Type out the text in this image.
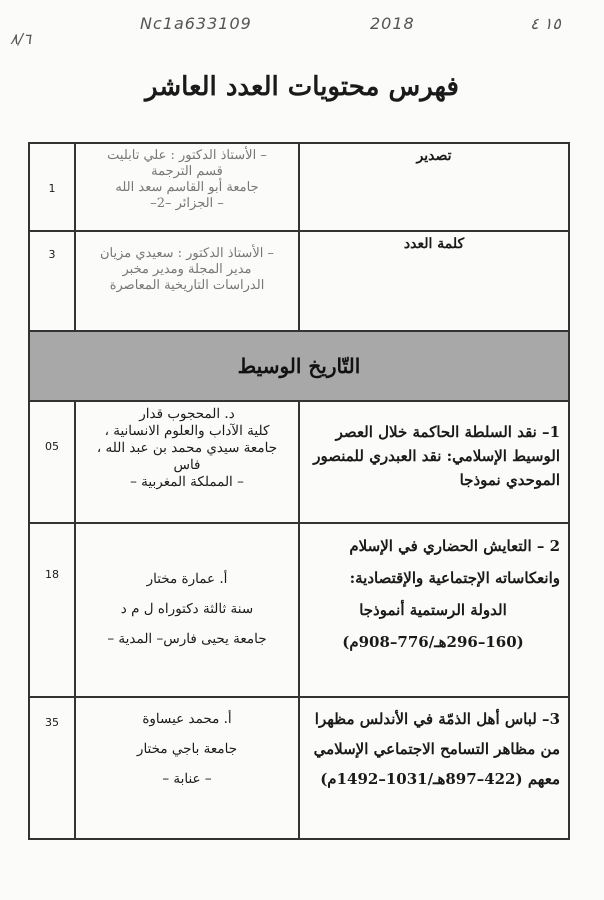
٨/٦
Nc1a633109	2018	١٥ ٤
فهرس محتويات العدد العاشر
تصدير	– الأستاذ الدكتور : علي تابليت
قسم الترجمة
جامعة أبو القاسم سعد الله
– الجزائر –2–	1

كلمة العدد	– الأستاذ الدكتور : سعيدي مزيان
مدير المجلة ومدير مخبر
الدراسات التاريخية المعاصرة	3

التّاريخ الوسيط		

1– نقد السلطة الحاكمة خلال العصر
الوسيط الإسلامي: نقد العبدري للمنصور
الموحدي نموذجا	د. المحجوب قدار
كلية الآداب والعلوم الانسانية ،
جامعة سيدي محمد بن عبد الله ،
فاس
– المملكة المغربية –	05

2 – التعايش الحضاري في الإسلام
وانعكاساته الإجتماعية والإقتصادية:
الدولة الرستمية أنموذجا
(160–296هـ/776–908م)	أ. عمارة مختار
سنة ثالثة دكتوراه ل م د
جامعة يحيى فارس– المدية –	18

3– لباس أهل الذمّة في الأندلس مظهرا
من مظاهر التسامح الاجتماعي الإسلامي
معهم (422–897هـ/1031–1492م)	أ. محمد عيساوة
جامعة باجي مختار
– عنابة –	35
